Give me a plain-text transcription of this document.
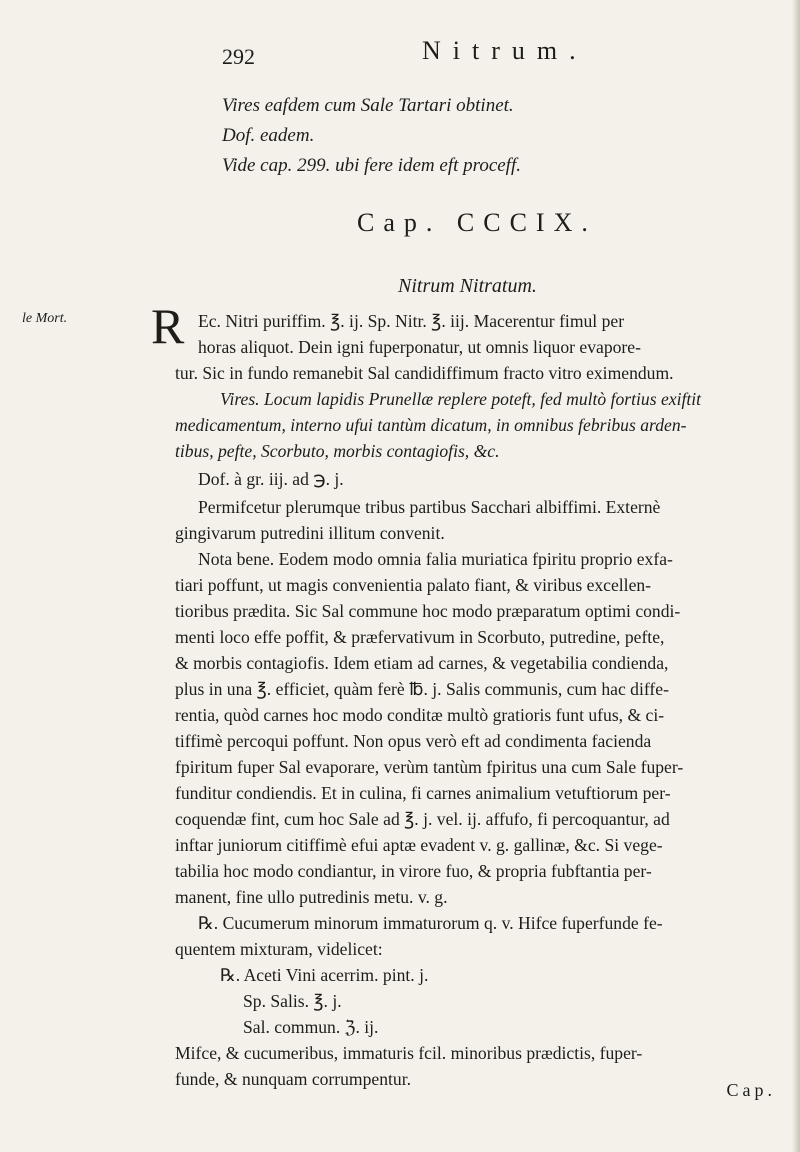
292	Nitrum.
Vires eafdem cum Sale Tartari obtinet.
Dof. eadem.
Vide cap. 299. ubi fere idem eft proceff.
Cap. CCCIX.
Nitrum Nitratum.
le Mort. R Ec. Nitri puriffim. ℥. ij. Sp. Nitr. ℥. iij. Macerentur fimul per
horas aliquot. Dein igni fuperponatur, ut omnis liquor evapore-
tur. Sic in fundo remanebit Sal candidiffimum fracto vitro eximendum.
Vires. Locum lapidis Prunellæ replere poteft, fed multò fortius exiftit
medicamentum, interno ufui tantùm dicatum, in omnibus febribus arden-
tibus, pefte, Scorbuto, morbis contagiofis, &c.
Dof. à gr. iij. ad ℈. j.
Permifcetur plerumque tribus partibus Sacchari albiffimi. Externè
gingivarum putredini illitum convenit.
Nota bene. Eodem modo omnia falia muriatica fpiritu proprio exfa-
tiari poffunt, ut magis convenientia palato fiant, & viribus excellen-
tioribus prædita. Sic Sal commune hoc modo præparatum optimi condi-
menti loco effe poffit, & præfervativum in Scorbuto, putredine, pefte,
& morbis contagiofis. Idem etiam ad carnes, & vegetabilia condienda,
plus in una ℥. efficiet, quàm ferè ℔. j. Salis communis, cum hac diffe-
rentia, quòd carnes hoc modo conditæ multò gratioris funt ufus, & ci-
tiffimè percoqui poffunt. Non opus verò eft ad condimenta facienda
fpiritum fuper Sal evaporare, verùm tantùm fpiritus una cum Sale fuper-
funditur condiendis. Et in culina, fi carnes animalium vetuftiorum per-
coquendæ fint, cum hoc Sale ad ℥. j. vel. ij. affufo, fi percoquantur, ad
inftar juniorum citiffimè efui aptæ evadent v. g. gallinæ, &c. Si vege-
tabilia hoc modo condiantur, in virore fuo, & propria fubftantia per-
manent, fine ullo putredinis metu. v. g.
℞. Cucumerum minorum immaturorum q. v. Hifce fuperfunde fe-
quentem mixturam, videlicet:
℞. Aceti Vini acerrim. pint. j.
Sp. Salis. ℥. j.
Sal. commun. ℨ. ij.
Mifce, & cucumeribus, immaturis fcil. minoribus prædictis, fuper-
funde, & nunquam corrumpentur.
Cap.
